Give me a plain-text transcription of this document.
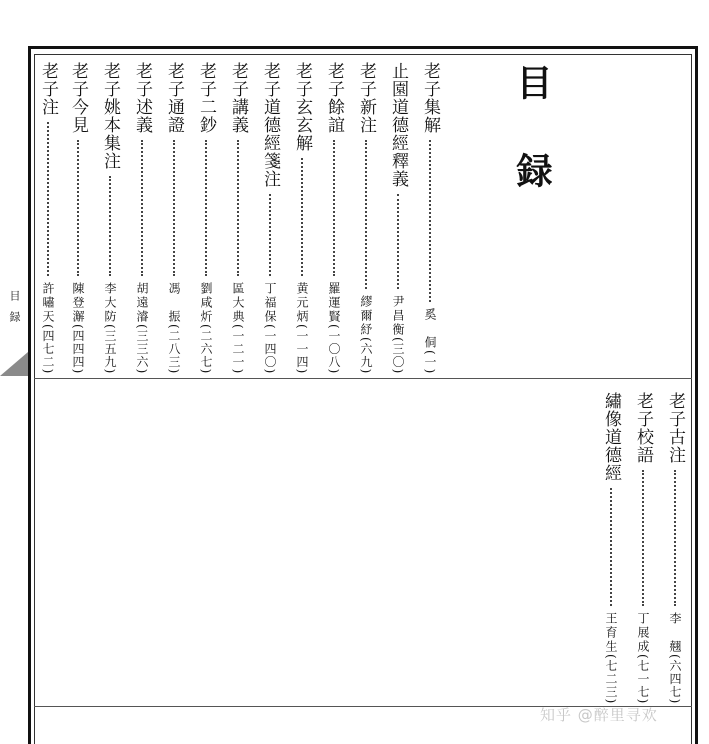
目録
目録
老子集解
奚　侗
(一)
止園道德經釋義
尹昌衡
(三〇)
老子新注
繆爾紓
(六九)
老子餘誼
羅運賢
(一〇八)
老子玄玄解
黄元炳
(一一四)
老子道德經箋注
丁福保
(一四〇)
老子講義
區大典
(一二一)
老子二鈔
劉咸炘
(二六七)
老子通證
馮　振
(二八三)
老子述義
胡遠濬
(三三六)
老子姚本集注
李大防
(三五九)
老子今見
陳登澥
(四四四)
老子注
許嘯天
(四七二)
老子古注
李　翹
(六四七)
老子校語
丁展成
(七一七)
繡像道德經
王育生
(七二三)
知乎 @醉里寻欢
